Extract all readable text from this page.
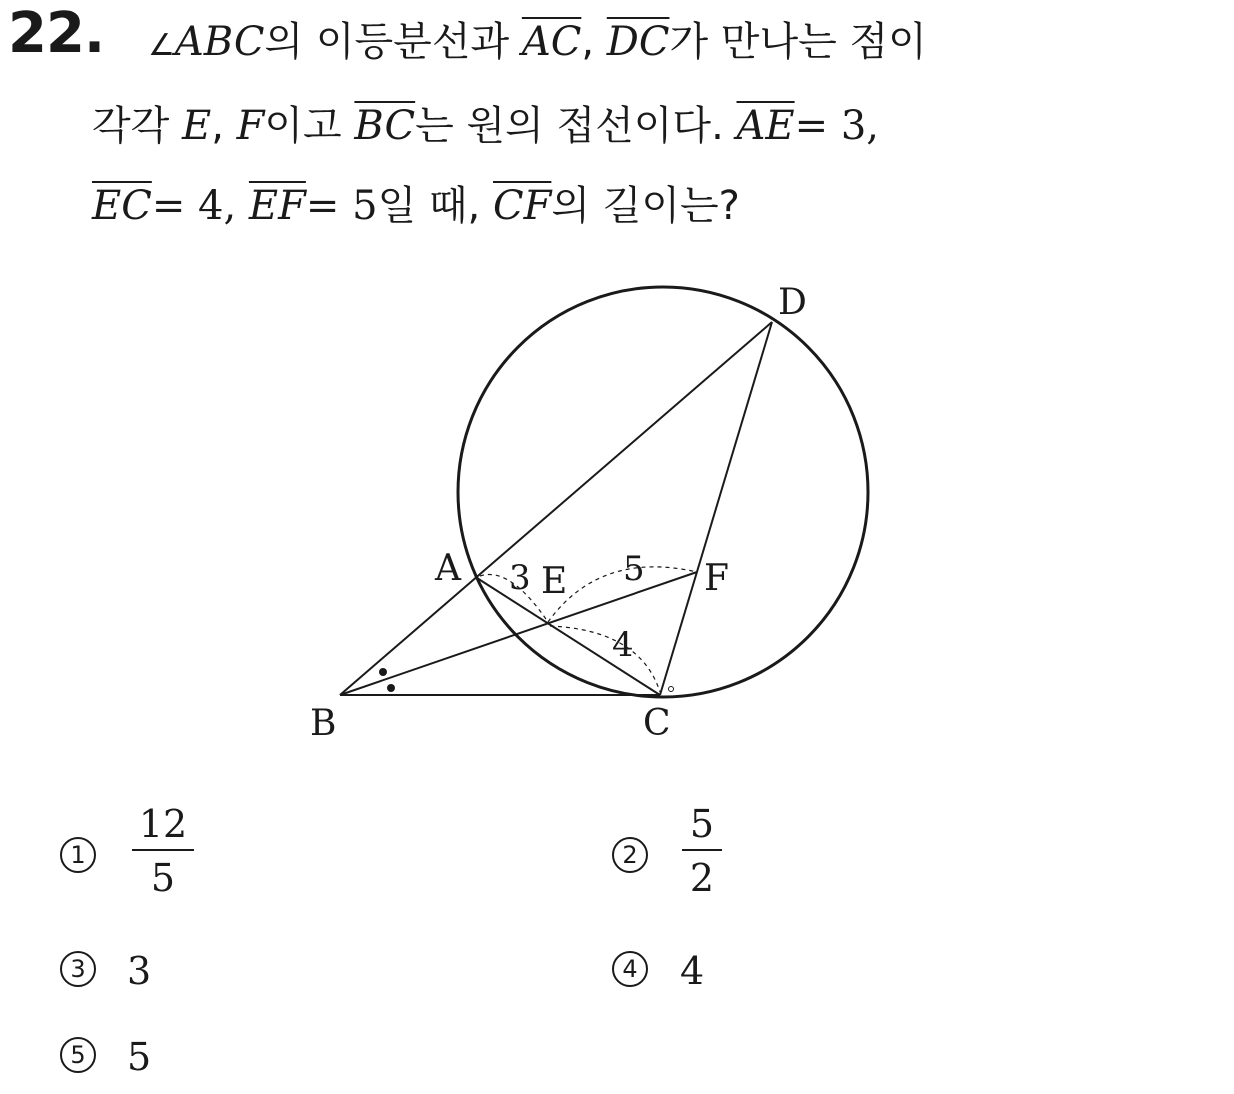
22. ∠ABC의 이등분선과 $\overline{AC}$, $\overline{DC}$가 만나는 점이
각각 E, F이고 $\overline{BC}$는 원의 접선이다. $\overline{AE}= 3$,
$\overline{EC}= 4$, $\overline{EF}= 5$일 때, $\overline{CF}$의 길이는?
D
A E	F
B	C
3	5
4
1
12
5
2
5
2
3 3	4 4
5 5
